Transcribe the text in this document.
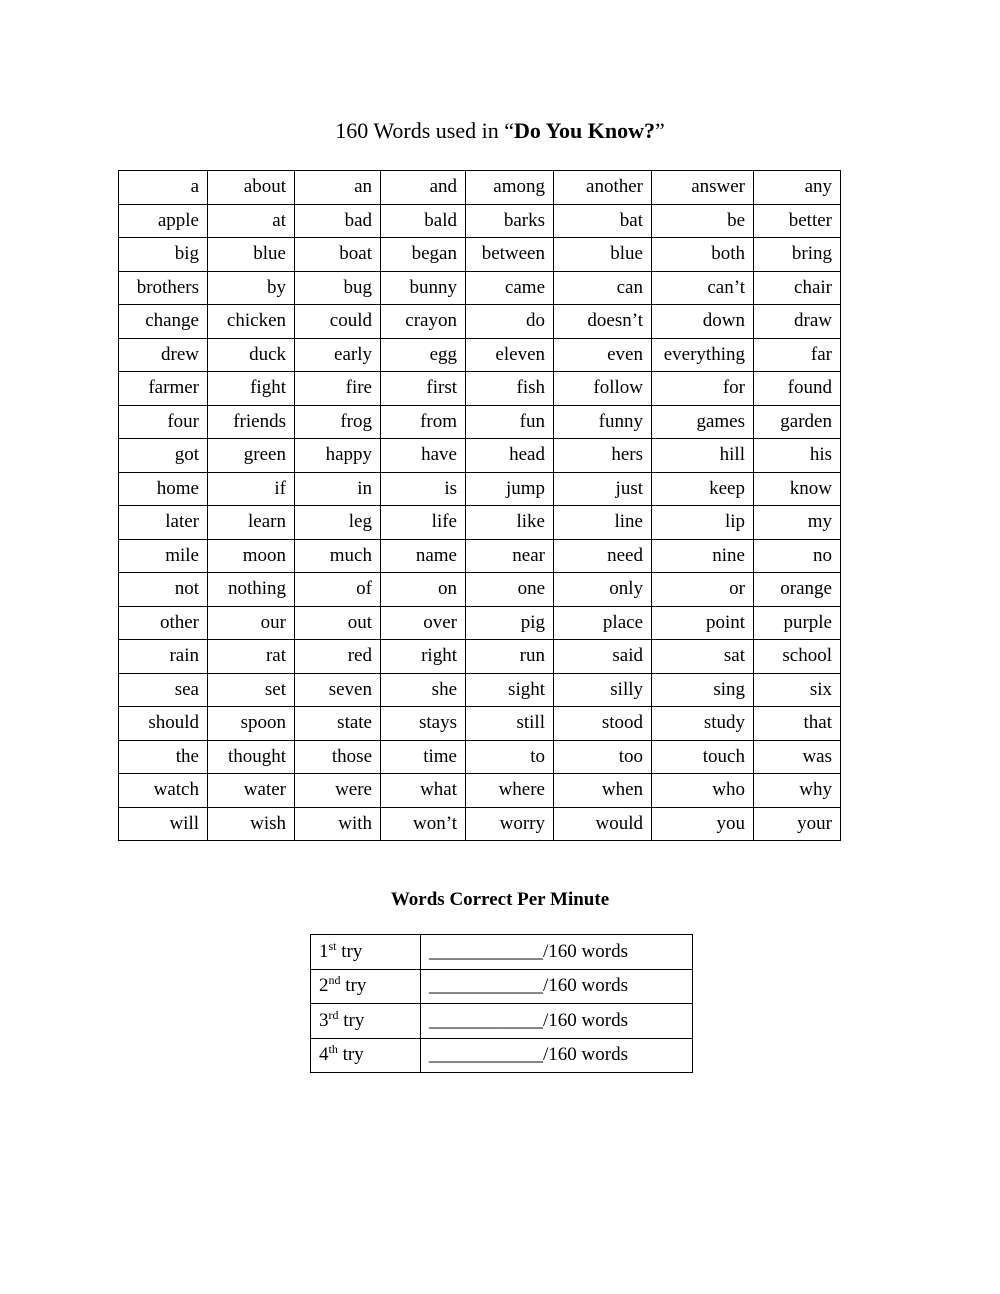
160 Words used in “Do You Know?”
a	about	an	and	among	another	answer	any
apple	at	bad	bald	barks	bat	be	better
big	blue	boat	began	between	blue	both	bring
brothers	by	bug	bunny	came	can	can’t	chair
change	chicken	could	crayon	do	doesn’t	down	draw
drew	duck	early	egg	eleven	even	everything	far
farmer	fight	fire	first	fish	follow	for	found
four	friends	frog	from	fun	funny	games	garden
got	green	happy	have	head	hers	hill	his
home	if	in	is	jump	just	keep	know
later	learn	leg	life	like	line	lip	my
mile	moon	much	name	near	need	nine	no
not	nothing	of	on	one	only	or	orange
other	our	out	over	pig	place	point	purple
rain	rat	red	right	run	said	sat	school
sea	set	seven	she	sight	silly	sing	six
should	spoon	state	stays	still	stood	study	that
the	thought	those	time	to	too	touch	was
watch	water	were	what	where	when	who	why
will	wish	with	won’t	worry	would	you	your
Words Correct Per Minute
1st try	____________/160 words
2nd try	____________/160 words
3rd try	____________/160 words
4th try	____________/160 words
